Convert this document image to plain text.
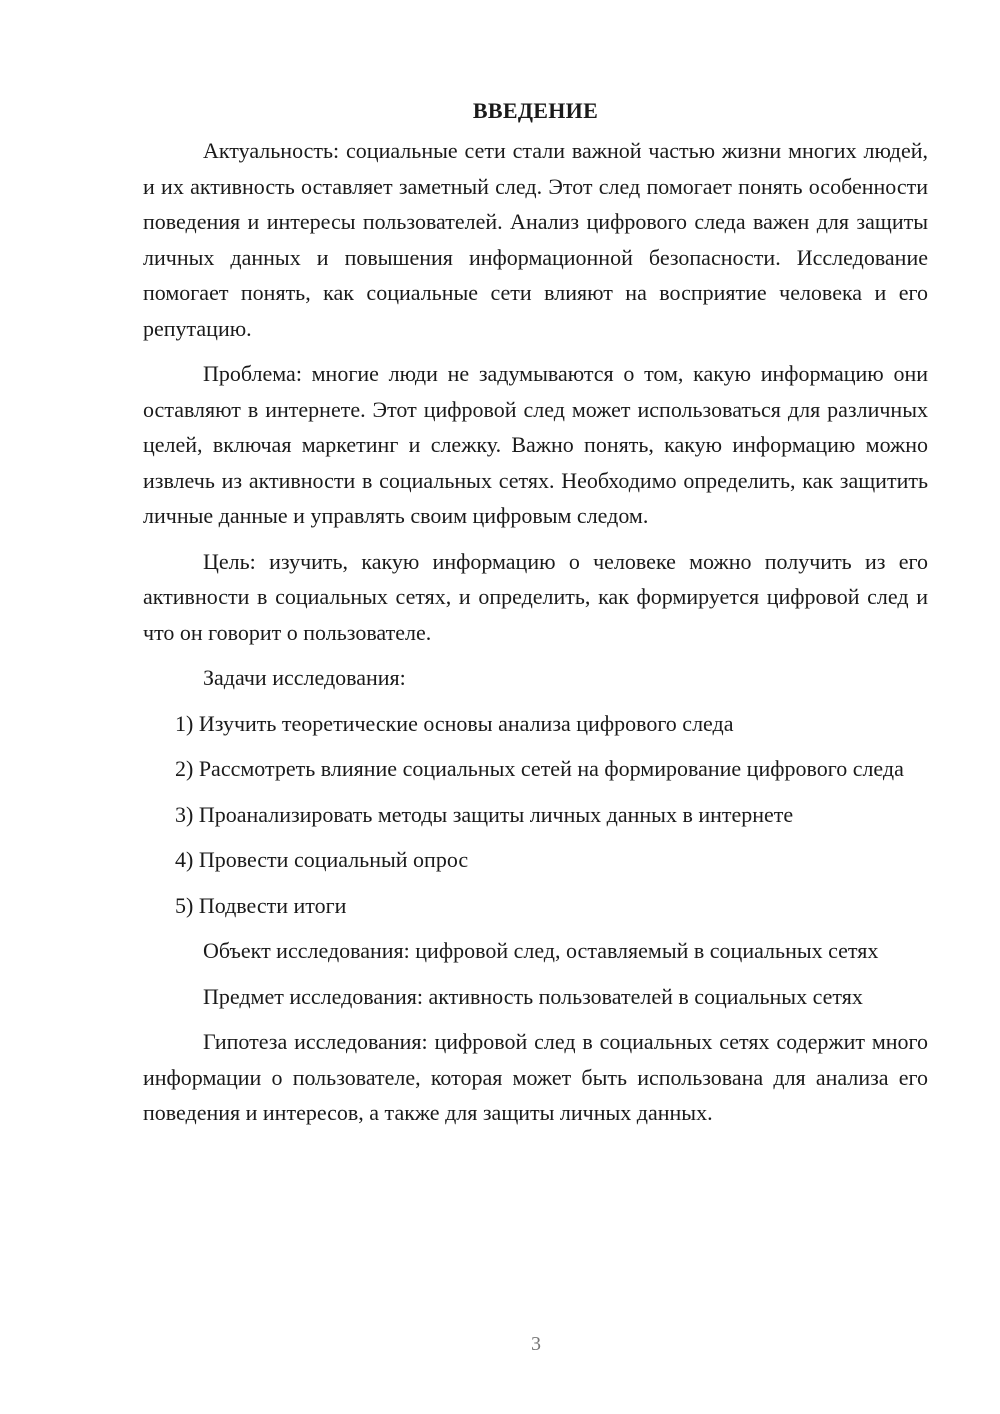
ВВЕДЕНИЕ

Актуальность: социальные сети стали важной частью жизни многих людей, и их активность оставляет заметный след. Этот след помогает понять особенности поведения и интересы пользователей. Анализ цифрового следа важен для защиты личных данных и повышения информационной безопасности. Исследование помогает понять, как социальные сети влияют на восприятие человека и его репутацию.

Проблема: многие люди не задумываются о том, какую информацию они оставляют в интернете. Этот цифровой след может использоваться для различных целей, включая маркетинг и слежку. Важно понять, какую информацию можно извлечь из активности в социальных сетях. Необходимо определить, как защитить личные данные и управлять своим цифровым следом.

Цель: изучить, какую информацию о человеке можно получить из его активности в социальных сетях, и определить, как формируется цифровой след и что он говорит о пользователе.

Задачи исследования:

1) Изучить теоретические основы анализа цифрового следа

2) Рассмотреть влияние социальных сетей на формирование цифрового следа

3) Проанализировать методы защиты личных данных в интернете

4) Провести социальный опрос

5) Подвести итоги

Объект исследования: цифровой след, оставляемый в социальных сетях

Предмет исследования: активность пользователей в социальных сетях

Гипотеза исследования: цифровой след в социальных сетях содержит много информации о пользователе, которая может быть использована для анализа его поведения и интересов, а также для защиты личных данных.

3
